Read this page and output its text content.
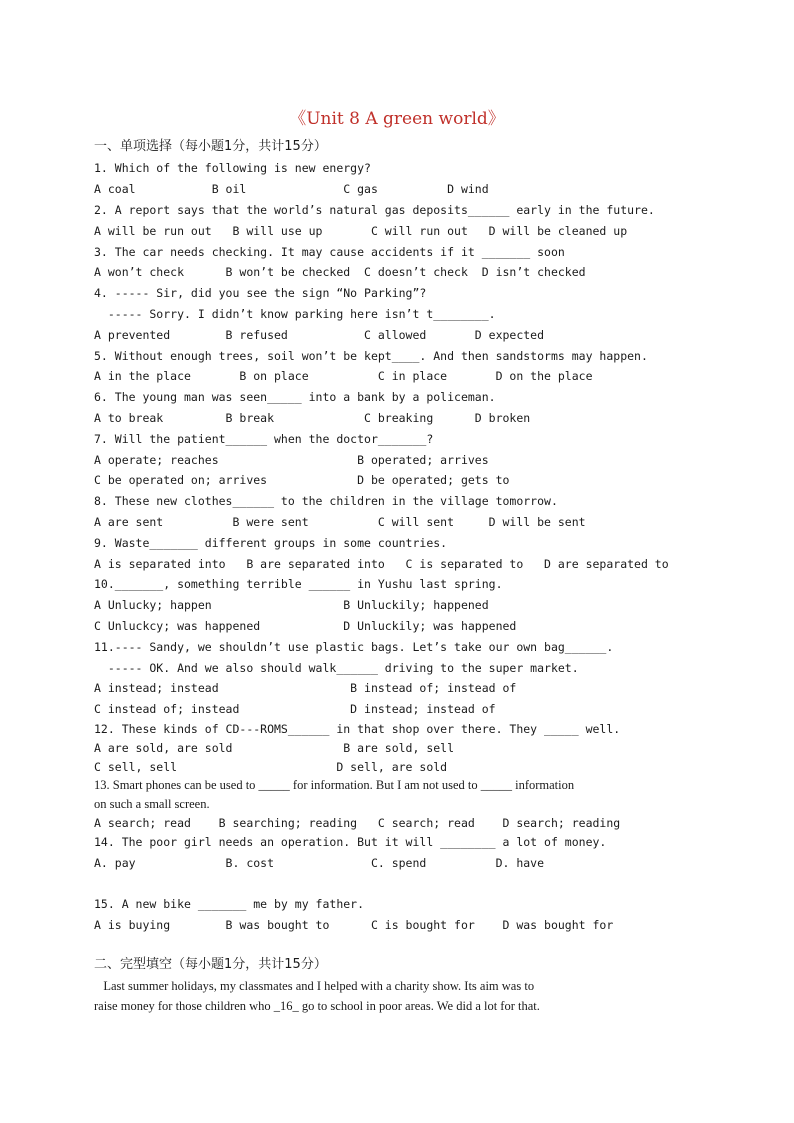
《Unit 8 A green world》
一、单项选择（每小题1分，共计15分）
1. Which of the following is new energy?
A coal           B oil              C gas          D wind
2. A report says that the world’s natural gas deposits______ early in the future.
A will be run out   B will use up       C will run out   D will be cleaned up
3. The car needs checking. It may cause accidents if it _______ soon
A won’t check      B won’t be checked  C doesn’t check  D isn’t checked
4. ----- Sir, did you see the sign “No Parking”?
----- Sorry. I didn’t know parking here isn’t t________.
A prevented        B refused           C allowed       D expected
5. Without enough trees, soil won’t be kept____. And then sandstorms may happen.
A in the place       B on place          C in place       D on the place
6. The young man was seen_____ into a bank by a policeman.
A to break         B break             C breaking      D broken
7. Will the patient______ when the doctor_______?
A operate; reaches                    B operated; arrives
C be operated on; arrives             D be operated; gets to
8. These new clothes______ to the children in the village tomorrow.
A are sent          B were sent          C will sent     D will be sent
9. Waste_______ different groups in some countries.
A is separated into   B are separated into   C is separated to   D are separated to
10._______, something terrible ______ in Yushu last spring.
A Unlucky; happen                   B Unluckily; happened
C Unluckcy; was happened            D Unluckily; was happened
11.---- Sandy, we shouldn’t use plastic bags. Let’s take our own bag______.
----- OK. And we also should walk______ driving to the super market.
A instead; instead                   B instead of; instead of
C instead of; instead                D instead; instead of
12. These kinds of CD---ROMS______ in that shop over there. They _____ well.
A are sold, are sold                B are sold, sell
C sell, sell                       D sell, are sold
13. Smart phones can be used to _____ for information. But I am not used to _____ information
on such a small screen.
A search; read    B searching; reading   C search; read    D search; reading
14. The poor girl needs an operation. But it will ________ a lot of money.
A. pay             B. cost              C. spend          D. have
15. A new bike _______ me by my father.
A is buying        B was bought to      C is bought for    D was bought for
二、完型填空（每小题1分，共计15分）
Last summer holidays, my classmates and I helped with a charity show. Its aim was to
raise money for those children who _16_ go to school in poor areas. We did a lot for that.
